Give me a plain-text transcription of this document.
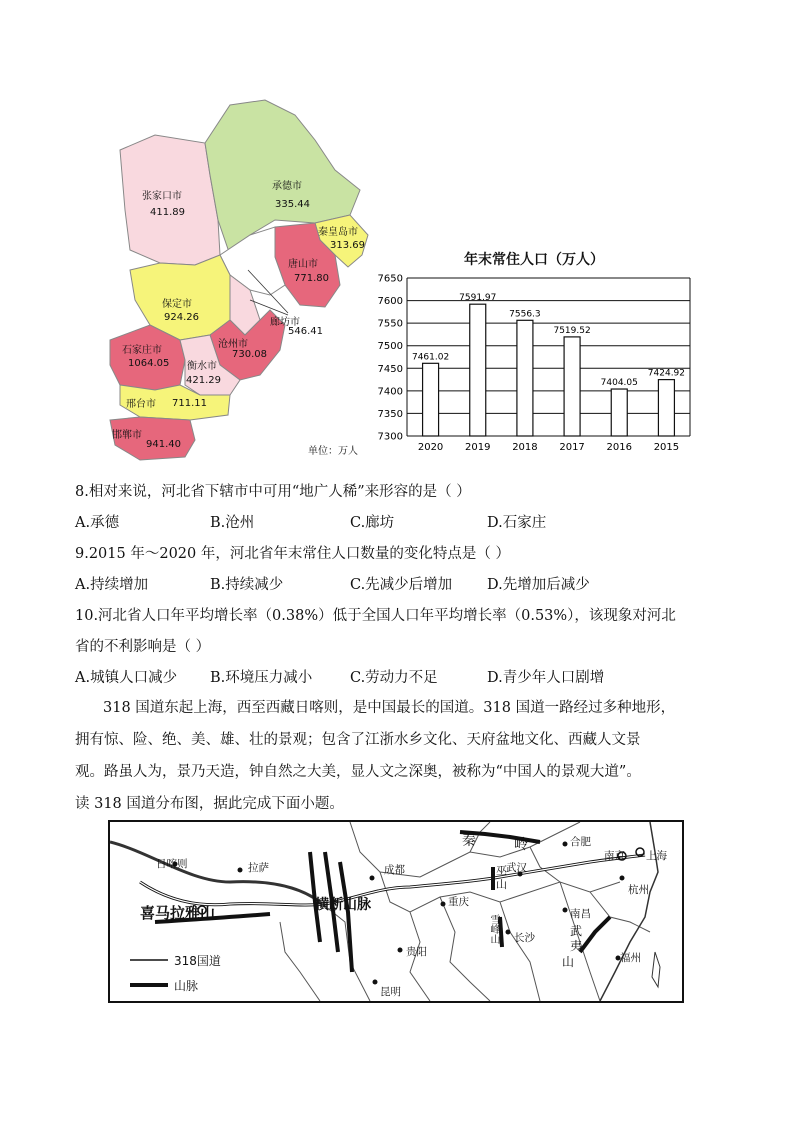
张家口市
411.89
承德市
335.44
秦皇岛市
313.69
唐山市
771.80
廊坊市
546.41
保定市
924.26
沧州市
730.08
石家庄市
1064.05 衡水市
421.29
邢台市 711.11
邯郸市
941.40
单位：万人
年末常住人口（万人）
7300
7350
7400
7450
7500
7550
7600
7650
7461.02
2020
7591.97
2019
7556.3
2018
7519.52
2017
7404.05
2016
7424.92
2015
8.相对来说，河北省下辖市中可用“地广人稀”来形容的是（ ）
A.承德	B.沧州	C.廊坊	D.石家庄
9.2015 年～2020 年，河北省年末常住人口数量的变化特点是（ ）
A.持续增加	B.持续减少	C.先减少后增加 D.先增加后减少
10.河北省人口年平均增长率（0.38%）低于全国人口年平均增长率（0.53%），该现象对河北
省的不利影响是（ ）
A.城镇人口减少 B.环境压力减小	C.劳动力不足	D.青少年人口剧增

318 国道东起上海，西至西藏日喀则，是中国最长的国道。318 国道一路经过多种地形，

拥有惊、险、绝、美、雄、壮的景观；包含了江浙水乡文化、天府盆地文化、西藏人文景

观。路虽人为，景乃天造，钟自然之大美，显人文之深奥，被称为“中国人的景观大道”。

读 318 国道分布图，据此完成下面小题。

日喀则	拉萨	成都
重庆
武汉
合肥
南京 上海
杭州
南昌
长沙
贵阳
昆明
福州
喜马拉雅山	横断山脉
秦	岭
巫
山
雪峰山	武
夷
山
318国道
山脉
